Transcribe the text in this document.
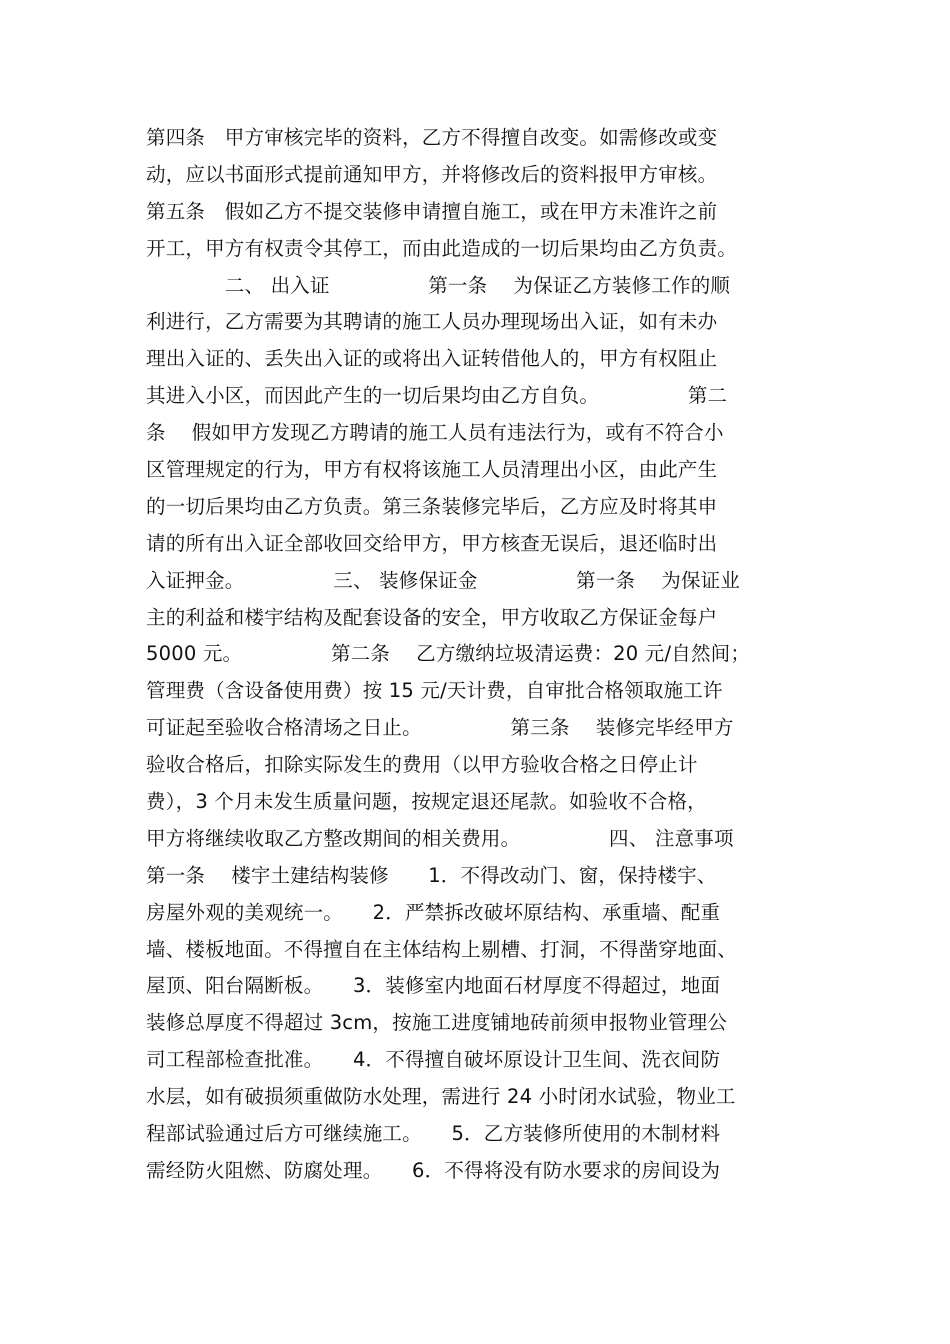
第四条　甲方审核完毕的资料，乙方不得擅自改变。如需修改或变
动，应以书面形式提前通知甲方，并将修改后的资料报甲方审核。
第五条　假如乙方不提交装修申请擅自施工，或在甲方未准许之前
开工，甲方有权责令其停工，而由此造成的一切后果均由乙方负责。
　　　　二、 出入证　　　　　第一条　 为保证乙方装修工作的顺
利进行，乙方需要为其聘请的施工人员办理现场出入证，如有未办
理出入证的、丢失出入证的或将出入证转借他人的，甲方有权阻止
其进入小区，而因此产生的一切后果均由乙方自负。　　　　　第二
条　 假如甲方发现乙方聘请的施工人员有违法行为，或有不符合小
区管理规定的行为，甲方有权将该施工人员清理出小区，由此产生
的一切后果均由乙方负责。第三条装修完毕后，乙方应及时将其申
请的所有出入证全部收回交给甲方，甲方核查无误后，退还临时出
入证押金。　　　　　三、 装修保证金　　　　　第一条　 为保证业
主的利益和楼宇结构及配套设备的安全，甲方收取乙方保证金每户
5000 元。　　　　　第二条　 乙方缴纳垃圾清运费：20 元/自然间；
管理费（含设备使用费）按 15 元/天计费，自审批合格领取施工许
可证起至验收合格清场之日止。　　　　　第三条　 装修完毕经甲方
验收合格后，扣除实际发生的费用（以甲方验收合格之日停止计
费），3 个月未发生质量问题，按规定退还尾款。如验收不合格，
甲方将继续收取乙方整改期间的相关费用。　　　　　四、 注意事项
第一条　 楼宇土建结构装修　　1．不得改动门、窗，保持楼宇、
房屋外观的美观统一。　　2．严禁拆改破坏原结构、承重墙、配重
墙、楼板地面。不得擅自在主体结构上剔槽、打洞，不得凿穿地面、
屋顶、阳台隔断板。　　3．装修室内地面石材厚度不得超过，地面
装修总厚度不得超过 3cm，按施工进度铺地砖前须申报物业管理公
司工程部检查批准。　　4．不得擅自破坏原设计卫生间、洗衣间防
水层，如有破损须重做防水处理，需进行 24 小时闭水试验，物业工
程部试验通过后方可继续施工。　　5．乙方装修所使用的木制材料
需经防火阻燃、防腐处理。　　6．不得将没有防水要求的房间设为
